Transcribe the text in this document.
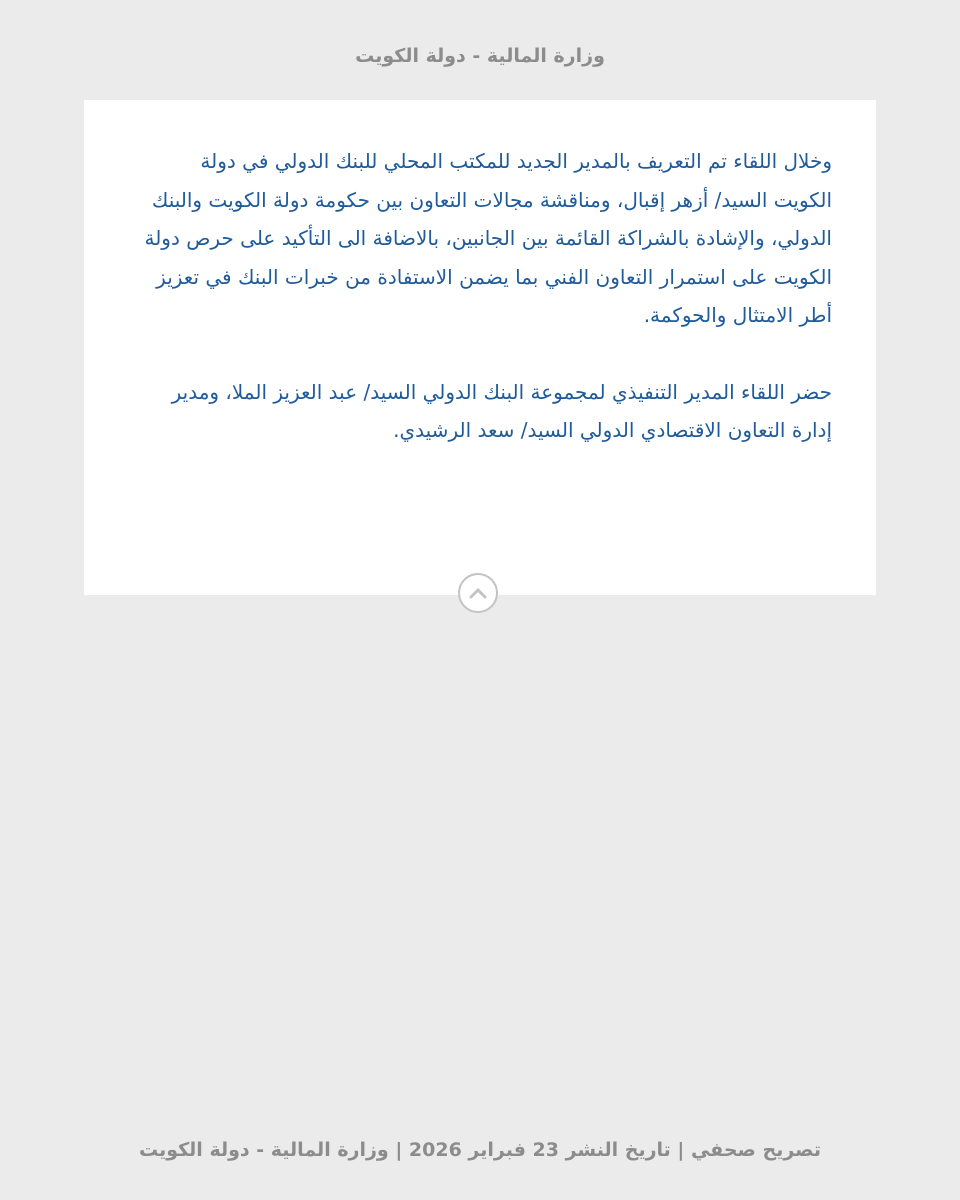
وزارة المالية - دولة الكويت

وخلال اللقاء تم التعريف بالمدير الجديد للمكتب المحلي للبنك الدولي في دولة الكويت السيد/ أزهر إقبال، ومناقشة مجالات التعاون بين حكومة دولة الكويت والبنك الدولي، والإشادة بالشراكة القائمة بين الجانبين، بالاضافة الى التأكيد على حرص دولة الكويت على استمرار التعاون الفني بما يضمن الاستفادة من خبرات البنك في تعزيز أطر الامتثال والحوكمة.

حضر اللقاء المدير التنفيذي لمجموعة البنك الدولي السيد/ عبد العزيز الملا، ومدير إدارة التعاون الاقتصادي الدولي السيد/ سعد الرشيدي.

تصريح صحفي | تاريخ النشر 23 فبراير 2026 | وزارة المالية - دولة الكويت
